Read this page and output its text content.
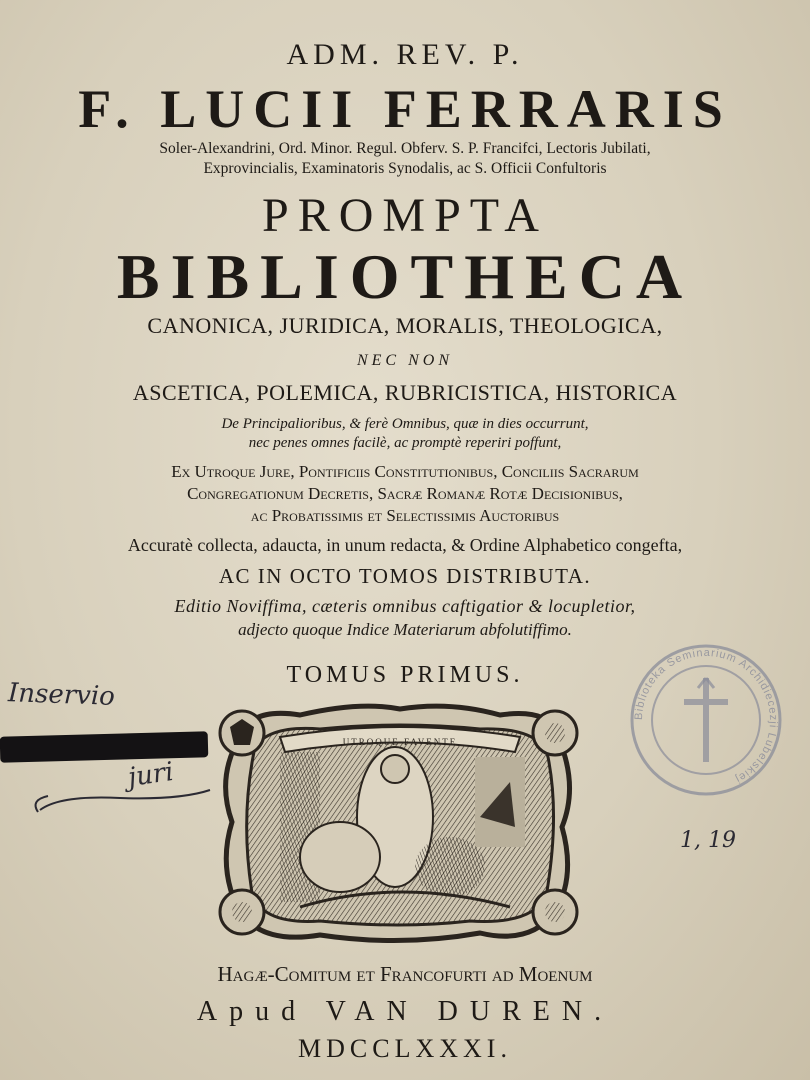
ADM. REV. P.
F. LUCII FERRARIS
Soler-Alexandrini, Ord. Minor. Regul. Obferv. S. P. Francifci, Lectoris Jubilati,
Exprovincialis, Examinatoris Synodalis, ac S. Officii Confultoris
PROMPTA
BIBLIOTHECA
CANONICA, JURIDICA, MORALIS, THEOLOGICA,
NEC NON
ASCETICA, POLEMICA, RUBRICISTICA, HISTORICA
De Principalioribus, & ferè Omnibus, quæ in dies occurrunt,
nec penes omnes facilè, ac promptè reperiri poffunt,
Ex Utroque Jure, Pontificiis Constitutionibus, Conciliis Sacrarum
Congregationum Decretis, Sacræ Romanæ Rotæ Decisionibus,
ac Probatissimis et Selectissimis Auctoribus
Accuratè collecta, adaucta, in unum redacta, & Ordine Alphabetico congefta,
AC IN OCTO TOMOS DISTRIBUTA.
Editio Noviffima, cæteris omnibus caftigatior & locupletior,
adjecto quoque Indice Materiarum abfolutiffimo.
TOMUS PRIMUS.
UTROQUE FAVENTE
Biblioteka Seminarium Archidiecezji Lubelskiej
Inservio
juri
1, 19
Hagæ-Comitum et Francofurti ad Moenum
Apud VAN DUREN.
MDCCLXXXI.
